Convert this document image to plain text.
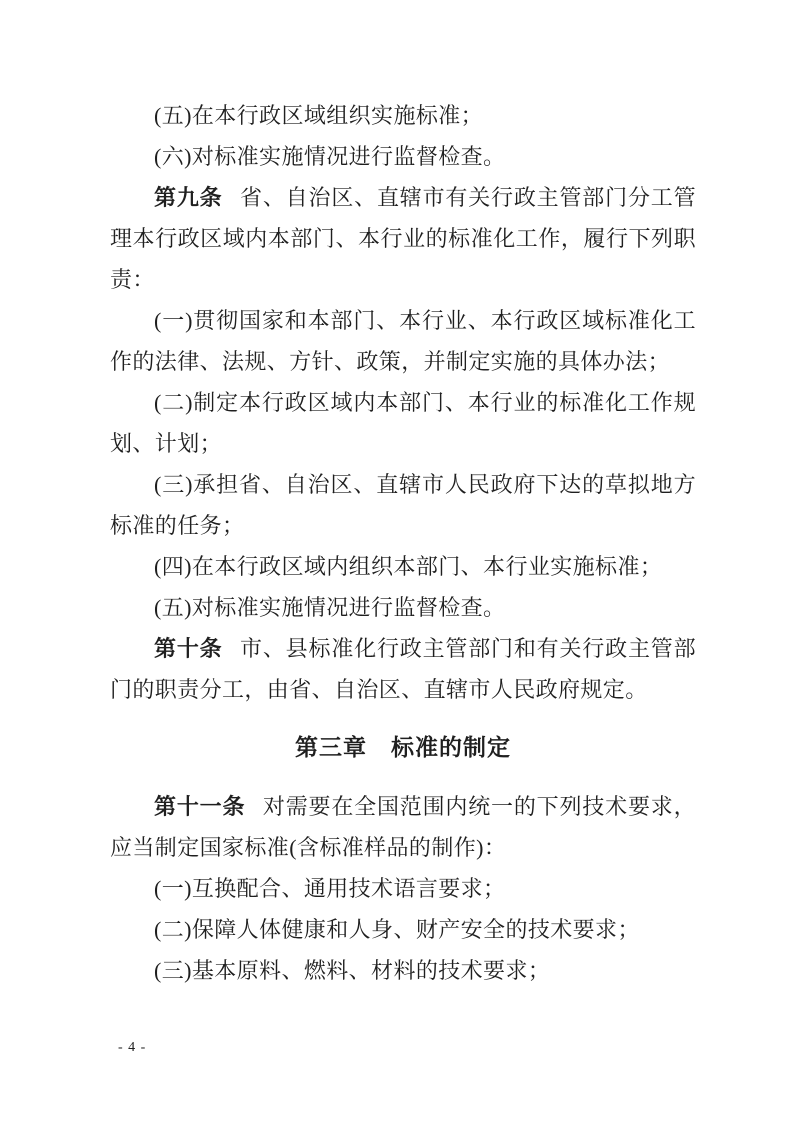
(五)在本行政区域组织实施标准；

(六)对标准实施情况进行监督检查。

第九条 省、自治区、直辖市有关行政主管部门分工管理本行政区域内本部门、本行业的标准化工作，履行下列职责：

(一)贯彻国家和本部门、本行业、本行政区域标准化工作的法律、法规、方针、政策，并制定实施的具体办法；

(二)制定本行政区域内本部门、本行业的标准化工作规划、计划；

(三)承担省、自治区、直辖市人民政府下达的草拟地方标准的任务；

(四)在本行政区域内组织本部门、本行业实施标准；

(五)对标准实施情况进行监督检查。

第十条 市、县标准化行政主管部门和有关行政主管部门的职责分工，由省、自治区、直辖市人民政府规定。

第三章　标准的制定

第十一条 对需要在全国范围内统一的下列技术要求，应当制定国家标准(含标准样品的制作)：

(一)互换配合、通用技术语言要求；

(二)保障人体健康和人身、财产安全的技术要求；

(三)基本原料、燃料、材料的技术要求；

- 4 -
